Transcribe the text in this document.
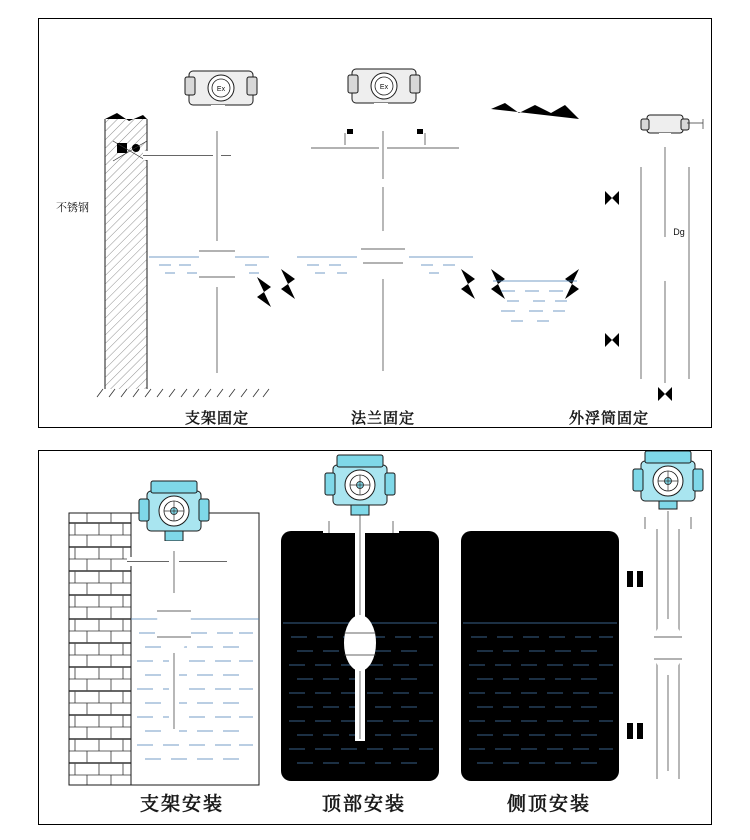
Ex	Ex
Dg
不锈钢
支架固定	法兰固定	外浮筒固定
支架安装	顶部安装	侧顶安装
